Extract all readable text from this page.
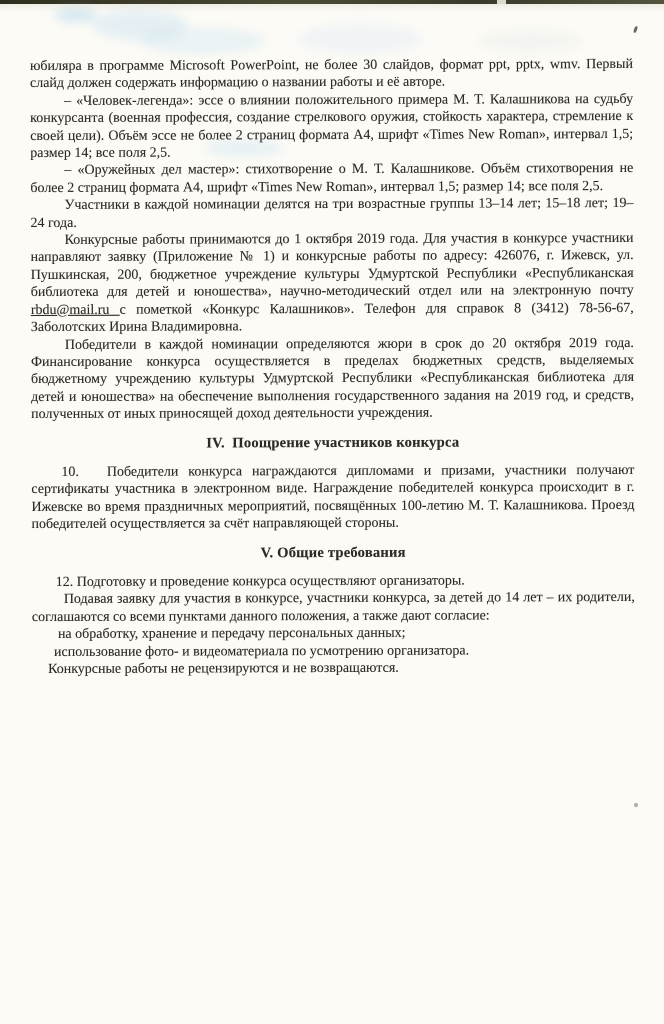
юбиляра в программе Microsoft PowerPoint, не более 30 слайдов, формат ppt, pptx, wmv. Первый слайд должен содержать информацию о названии работы и её авторе.

– «Человек-легенда»: эссе о влиянии положительного примера М. Т. Калашникова на судьбу конкурсанта (военная профессия, создание стрелкового оружия, стойкость характера, стремление к своей цели). Объём эссе не более 2 страниц формата А4, шрифт «Times New Roman», интервал 1,5; размер 14; все поля 2,5.

– «Оружейных дел мастер»: стихотворение о М. Т. Калашникове. Объём стихотворения не более 2 страниц формата А4, шрифт «Times New Roman», интервал 1,5; размер 14; все поля 2,5.

Участники в каждой номинации делятся на три возрастные группы 13–14 лет; 15–18 лет; 19–24 года.

Конкурсные работы принимаются до 1 октября 2019 года. Для участия в конкурсе участники направляют заявку (Приложение № 1) и конкурсные работы по адресу: 426076, г. Ижевск, ул. Пушкинская, 200, бюджетное учреждение культуры Удмуртской Республики «Республиканская библиотека для детей и юношества», научно-методический отдел или на электронную почту rbdu@mail.ru с пометкой «Конкурс Калашников». Телефон для справок 8 (3412) 78-56-67, Заболотских Ирина Владимировна.

Победители в каждой номинации определяются жюри в срок до 20 октября 2019 года. Финансирование конкурса осуществляется в пределах бюджетных средств, выделяемых бюджетному учреждению культуры Удмуртской Республики «Республиканская библиотека для детей и юношества» на обеспечение выполнения государственного задания на 2019 год, и средств, полученных от иных приносящей доход деятельности учреждения.

IV. Поощрение участников конкурса

10. Победители конкурса награждаются дипломами и призами, участники получают сертификаты участника в электронном виде. Награждение победителей конкурса происходит в г. Ижевске во время праздничных мероприятий, посвящённых 100-летию М. Т. Калашникова. Проезд победителей осуществляется за счёт направляющей стороны.

V. Общие требования

12. Подготовку и проведение конкурса осуществляют организаторы.

Подавая заявку для участия в конкурсе, участники конкурса, за детей до 14 лет – их родители, соглашаются со всеми пунктами данного положения, а также дают согласие:

на обработку, хранение и передачу персональных данных;

использование фото- и видеоматериала по усмотрению организатора.

Конкурсные работы не рецензируются и не возвращаются.
